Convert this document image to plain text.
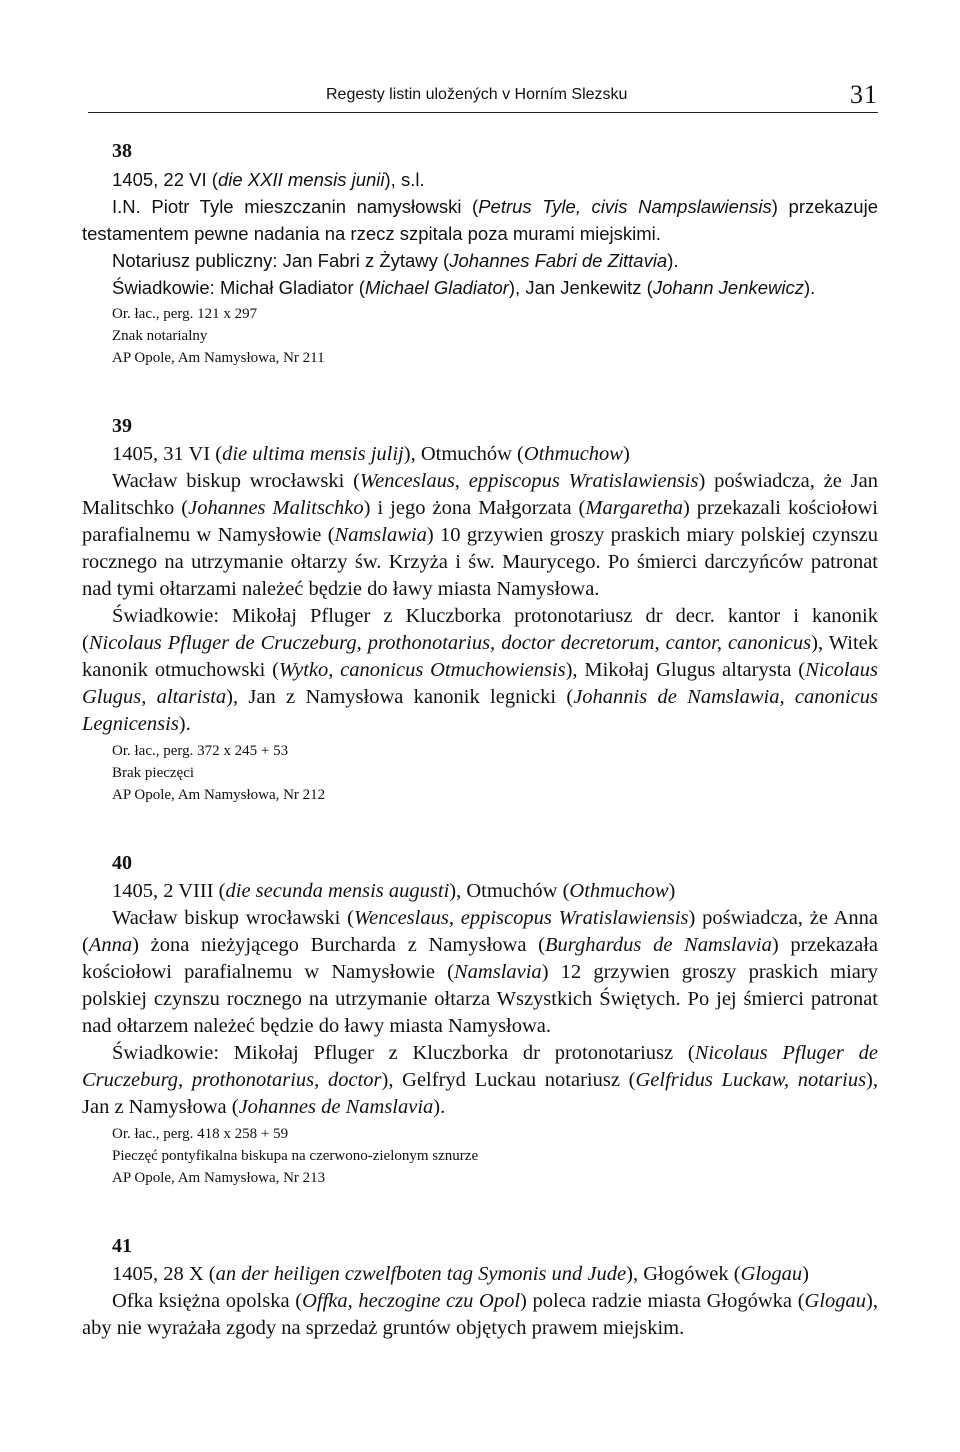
Regesty listin uložených v Horním Slezsku	31
38

1405, 22 VI (die XXII mensis junii), s.l.

I.N. Piotr Tyle mieszczanin namysłowski (Petrus Tyle, civis Nampslawiensis) przekazuje testamentem pewne nadania na rzecz szpitala poza murami miejskimi.

Notariusz publiczny: Jan Fabri z Żytawy (Johannes Fabri de Zittavia).

Świadkowie: Michał Gladiator (Michael Gladiator), Jan Jenkewitz (Johann Jenkewicz).

Or. łac., perg. 121 x 297
Znak notarialny
AP Opole, Am Namysłowa, Nr 211
39

1405, 31 VI (die ultima mensis julij), Otmuchów (Othmuchow)

Wacław biskup wrocławski (Wenceslaus, eppiscopus Wratislawiensis) poświadcza, że Jan Malitschko (Johannes Malitschko) i jego żona Małgorzata (Margaretha) przekazali kościołowi parafialnemu w Namysłowie (Namslawia) 10 grzywien groszy praskich miary polskiej czynszu rocznego na utrzymanie ołtarzy św. Krzyża i św. Maurycego. Po śmierci darczyńców patronat nad tymi ołtarzami należeć będzie do ławy miasta Namysłowa.

Świadkowie: Mikołaj Pfluger z Kluczborka protonotariusz dr decr. kantor i kanonik (Nicolaus Pfluger de Cruczeburg, prothonotarius, doctor decretorum, cantor, canonicus), Witek kanonik otmuchowski (Wytko, canonicus Otmuchowiensis), Mikołaj Glugus altarysta (Nicolaus Glugus, altarista), Jan z Namysłowa kanonik legnicki (Johannis de Namslawia, canonicus Legnicensis).

Or. łac., perg. 372 x 245 + 53
Brak pieczęci
AP Opole, Am Namysłowa, Nr 212
40

1405, 2 VIII (die secunda mensis augusti), Otmuchów (Othmuchow)

Wacław biskup wrocławski (Wenceslaus, eppiscopus Wratislawiensis) poświadcza, że Anna (Anna) żona nieżyjącego Burcharda z Namysłowa (Burghardus de Namslavia) przekazała kościołowi parafialnemu w Namysłowie (Namslavia) 12 grzywien groszy praskich miary polskiej czynszu rocznego na utrzymanie ołtarza Wszystkich Świętych. Po jej śmierci patronat nad ołtarzem należeć będzie do ławy miasta Namysłowa.

Świadkowie: Mikołaj Pfluger z Kluczborka dr protonotariusz (Nicolaus Pfluger de Cruczeburg, prothonotarius, doctor), Gelfryd Luckau notariusz (Gelfridus Luckaw, notarius), Jan z Namysłowa (Johannes de Namslavia).

Or. łac., perg. 418 x 258 + 59
Pieczęć pontyfikalna biskupa na czerwono-zielonym sznurze
AP Opole, Am Namysłowa, Nr 213
41

1405, 28 X (an der heiligen czwelfboten tag Symonis und Jude), Głogówek (Glogau)

Ofka księżna opolska (Offka, heczogine czu Opol) poleca radzie miasta Głogówka (Glogau), aby nie wyrażała zgody na sprzedaż gruntów objętych prawem miejskim.
